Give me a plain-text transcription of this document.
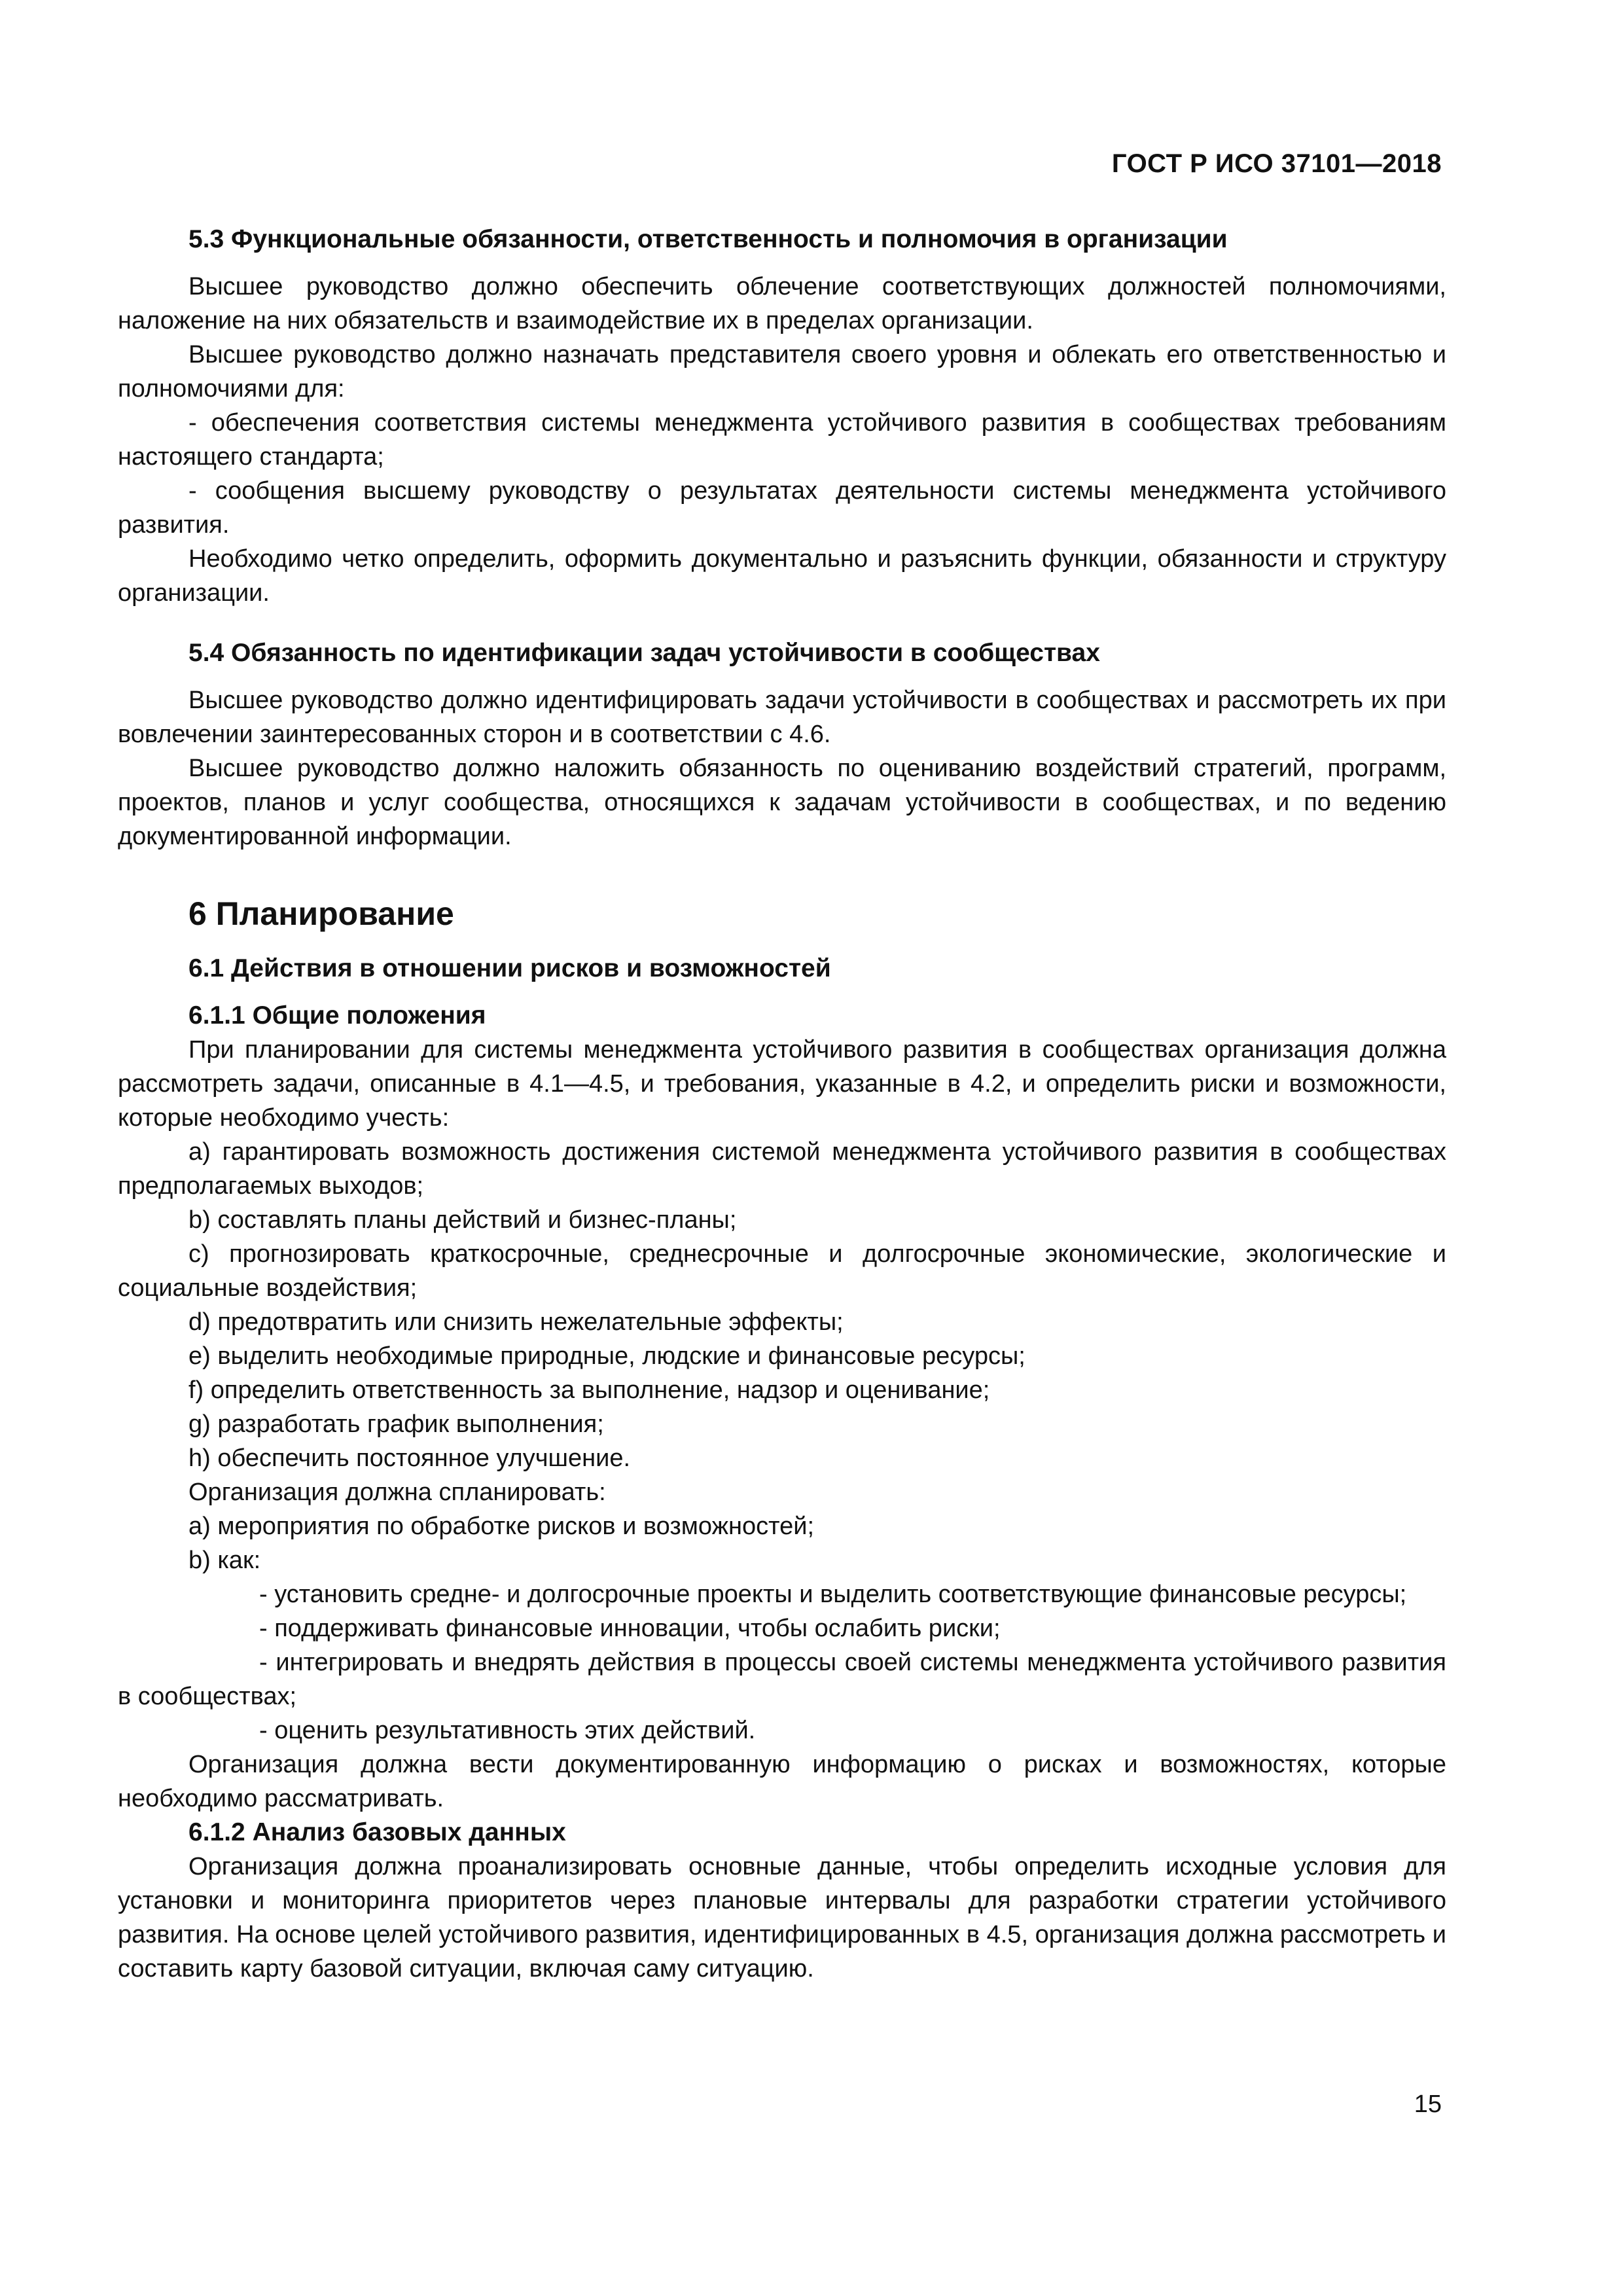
ГОСТ Р ИСО 37101—2018
5.3 Функциональные обязанности, ответственность и полномочия в организации

Высшее руководство должно обеспечить облечение соответствующих должностей полномочиями, наложение на них обязательств и взаимодействие их в пределах организации.

Высшее руководство должно назначать представителя своего уровня и облекать его ответственностью и полномочиями для:

- обеспечения соответствия системы менеджмента устойчивого развития в сообществах требованиям настоящего стандарта;

- сообщения высшему руководству о результатах деятельности системы менеджмента устойчивого развития.

Необходимо четко определить, оформить документально и разъяснить функции, обязанности и структуру организации.

5.4 Обязанность по идентификации задач устойчивости в сообществах

Высшее руководство должно идентифицировать задачи устойчивости в сообществах и рассмотреть их при вовлечении заинтересованных сторон и в соответствии с 4.6.

Высшее руководство должно наложить обязанность по оцениванию воздействий стратегий, программ, проектов, планов и услуг сообщества, относящихся к задачам устойчивости в сообществах, и по ведению документированной информации.

6 Планирование
6.1 Действия в отношении рисков и возможностей
6.1.1 Общие положения

При планировании для системы менеджмента устойчивого развития в сообществах организация должна рассмотреть задачи, описанные в 4.1—4.5, и требования, указанные в 4.2, и определить риски и возможности, которые необходимо учесть:

a) гарантировать возможность достижения системой менеджмента устойчивого развития в сообществах предполагаемых выходов;

b) составлять планы действий и бизнес-планы;

c) прогнозировать краткосрочные, среднесрочные и долгосрочные экономические, экологические и социальные воздействия;

d) предотвратить или снизить нежелательные эффекты;

e) выделить необходимые природные, людские и финансовые ресурсы;

f) определить ответственность за выполнение, надзор и оценивание;

g) разработать график выполнения;

h) обеспечить постоянное улучшение.

Организация должна спланировать:

a) мероприятия по обработке рисков и возможностей;

b) как:

- установить средне- и долгосрочные проекты и выделить соответствующие финансовые ресурсы;

- поддерживать финансовые инновации, чтобы ослабить риски;

- интегрировать и внедрять действия в процессы своей системы менеджмента устойчивого развития в сообществах;

- оценить результативность этих действий.

Организация должна вести документированную информацию о рисках и возможностях, которые необходимо рассматривать.

6.1.2 Анализ базовых данных

Организация должна проанализировать основные данные, чтобы определить исходные условия для установки и мониторинга приоритетов через плановые интервалы для разработки стратегии устойчивого развития. На основе целей устойчивого развития, идентифицированных в 4.5, организация должна рассмотреть и составить карту базовой ситуации, включая саму ситуацию.

15
